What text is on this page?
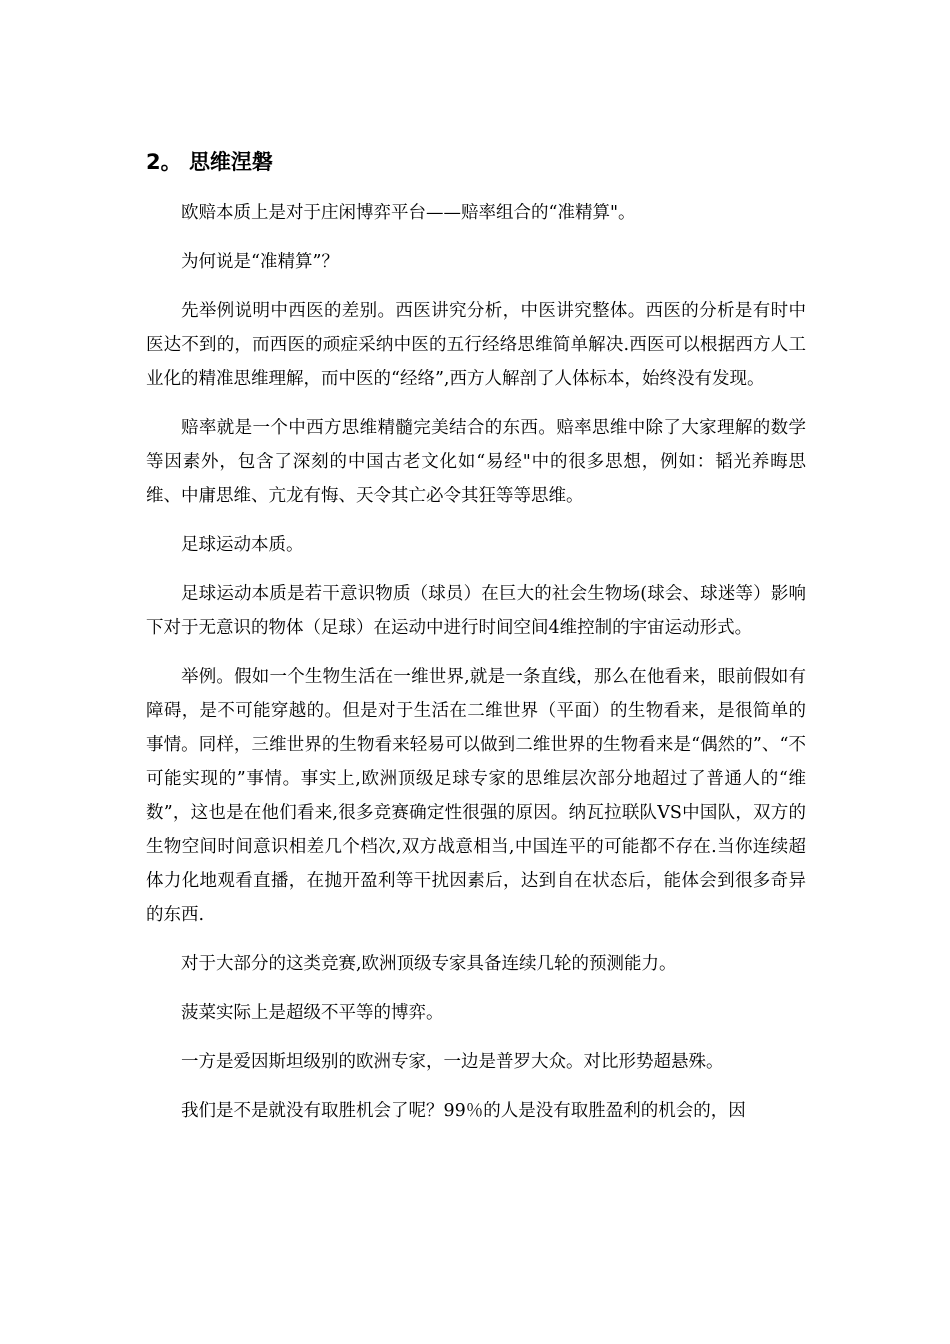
2。 思维涅磐

欧赔本质上是对于庄闲博弈平台——赔率组合的“准精算"。

为何说是“准精算”？

先举例说明中西医的差别。西医讲究分析，中医讲究整体。西医的分析是有时中医达不到的，而西医的顽症采纳中医的五行经络思维简单解决.西医可以根据西方人工业化的精准思维理解，而中医的“经络”,西方人解剖了人体标本，始终没有发现。

赔率就是一个中西方思维精髓完美结合的东西。赔率思维中除了大家理解的数学等因素外，包含了深刻的中国古老文化如“易经"中的很多思想，例如：韬光养晦思维、中庸思维、亢龙有悔、天令其亡必令其狂等等思维。

足球运动本质。

足球运动本质是若干意识物质（球员）在巨大的社会生物场(球会、球迷等）影响下对于无意识的物体（足球）在运动中进行时间空间4维控制的宇宙运动形式。

举例。假如一个生物生活在一维世界,就是一条直线，那么在他看来，眼前假如有障碍，是不可能穿越的。但是对于生活在二维世界（平面）的生物看来，是很简单的事情。同样，三维世界的生物看来轻易可以做到二维世界的生物看来是“偶然的”、“不可能实现的”事情。事实上,欧洲顶级足球专家的思维层次部分地超过了普通人的“维数”，这也是在他们看来,很多竞赛确定性很强的原因。纳瓦拉联队VS中国队，双方的生物空间时间意识相差几个档次,双方战意相当,中国连平的可能都不存在.当你连续超体力化地观看直播，在抛开盈利等干扰因素后，达到自在状态后，能体会到很多奇异的东西.

对于大部分的这类竞赛,欧洲顶级专家具备连续几轮的预测能力。

菠菜实际上是超级不平等的博弈。

一方是爱因斯坦级别的欧洲专家，一边是普罗大众。对比形势超悬殊。

我们是不是就没有取胜机会了呢？99％的人是没有取胜盈利的机会的，因
